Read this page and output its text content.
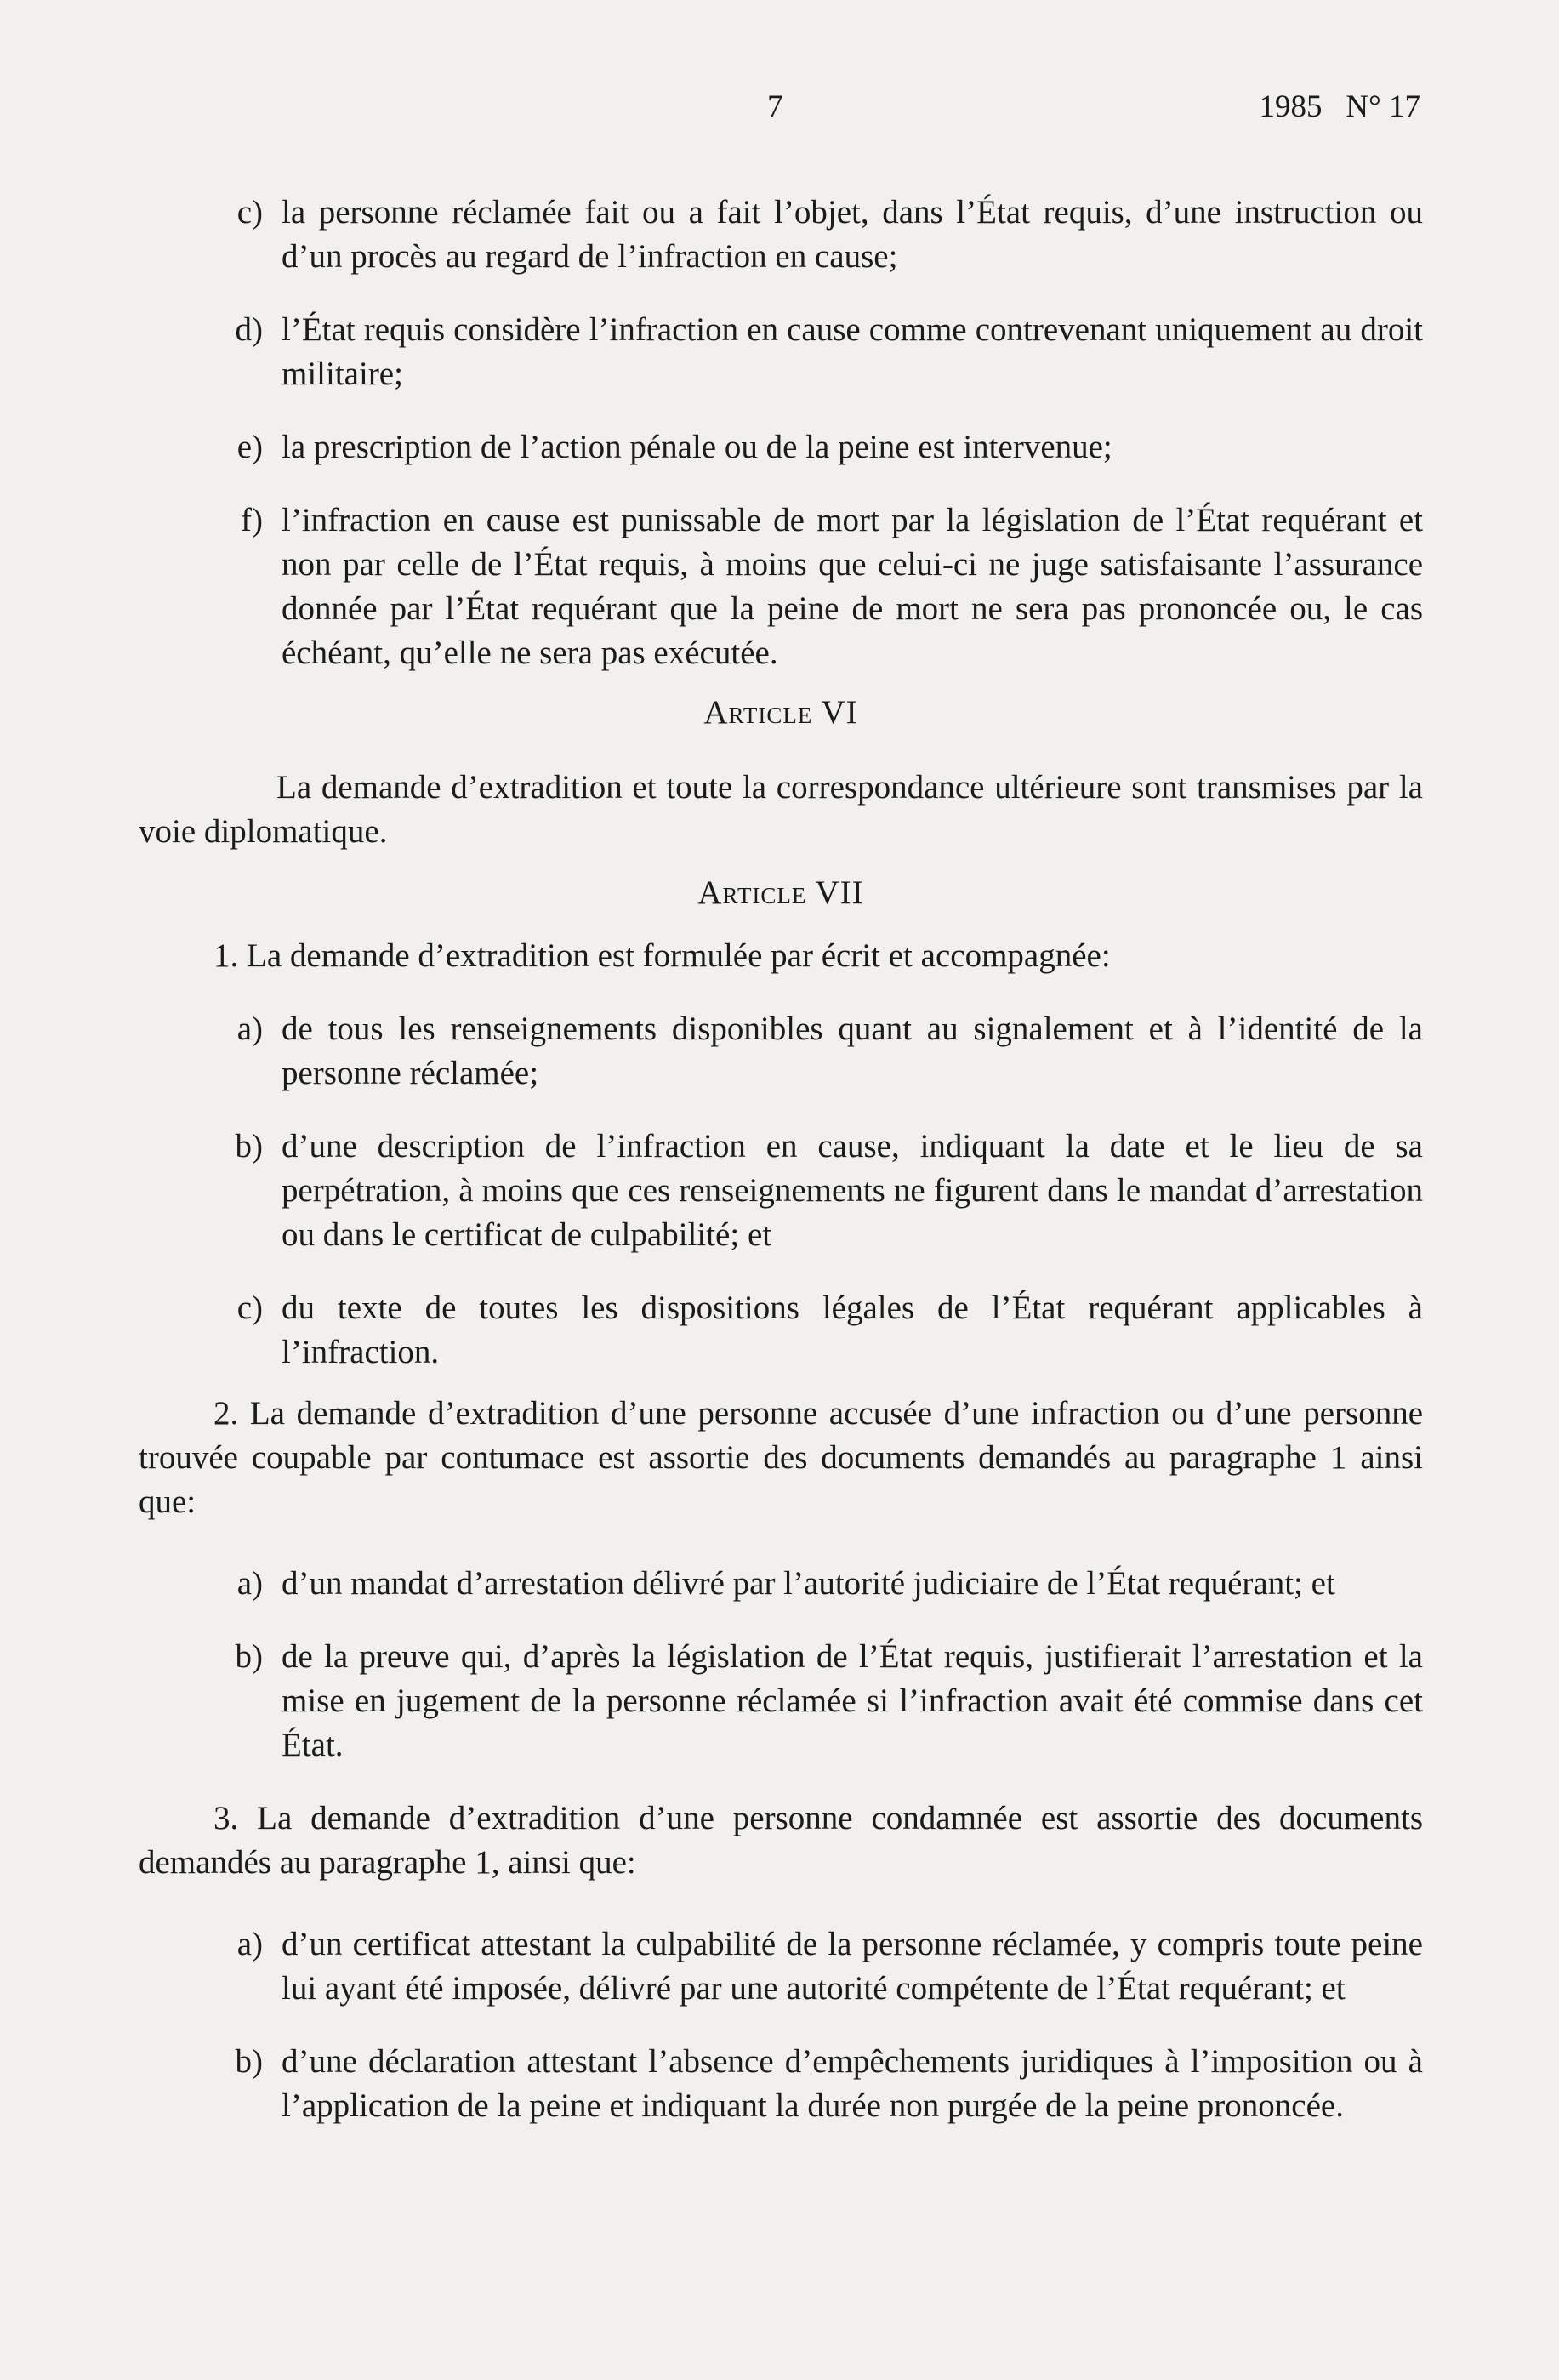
7	1985   N° 17
c) la personne réclamée fait ou a fait l’objet, dans l’État requis, d’une instruction ou d’un procès au regard de l’infraction en cause;
d) l’État requis considère l’infraction en cause comme contrevenant uniquement au droit militaire;
e) la prescription de l’action pénale ou de la peine est intervenue;
f) l’infraction en cause est punissable de mort par la législation de l’État requérant et non par celle de l’État requis, à moins que celui-ci ne juge satisfaisante l’assurance donnée par l’État requérant que la peine de mort ne sera pas prononcée ou, le cas échéant, qu’elle ne sera pas exécutée.
Article VI
La demande d’extradition et toute la correspondance ultérieure sont transmises par la voie diplomatique.
Article VII
1. La demande d’extradition est formulée par écrit et accompagnée:
a) de tous les renseignements disponibles quant au signalement et à l’identité de la personne réclamée;
b) d’une description de l’infraction en cause, indiquant la date et le lieu de sa perpétration, à moins que ces renseignements ne figurent dans le mandat d’arrestation ou dans le certificat de culpabilité; et
c) du texte de toutes les dispositions légales de l’État requérant applicables à l’infraction.
2. La demande d’extradition d’une personne accusée d’une infraction ou d’une personne trouvée coupable par contumace est assortie des documents demandés au paragraphe 1 ainsi que:
a) d’un mandat d’arrestation délivré par l’autorité judiciaire de l’État requérant; et
b) de la preuve qui, d’après la législation de l’État requis, justifierait l’arrestation et la mise en jugement de la personne réclamée si l’infraction avait été commise dans cet État.
3. La demande d’extradition d’une personne condamnée est assortie des documents demandés au paragraphe 1, ainsi que:
a) d’un certificat attestant la culpabilité de la personne réclamée, y compris toute peine lui ayant été imposée, délivré par une autorité compétente de l’État requérant; et
b) d’une déclaration attestant l’absence d’empêchements juridiques à l’imposition ou à l’application de la peine et indiquant la durée non purgée de la peine prononcée.
